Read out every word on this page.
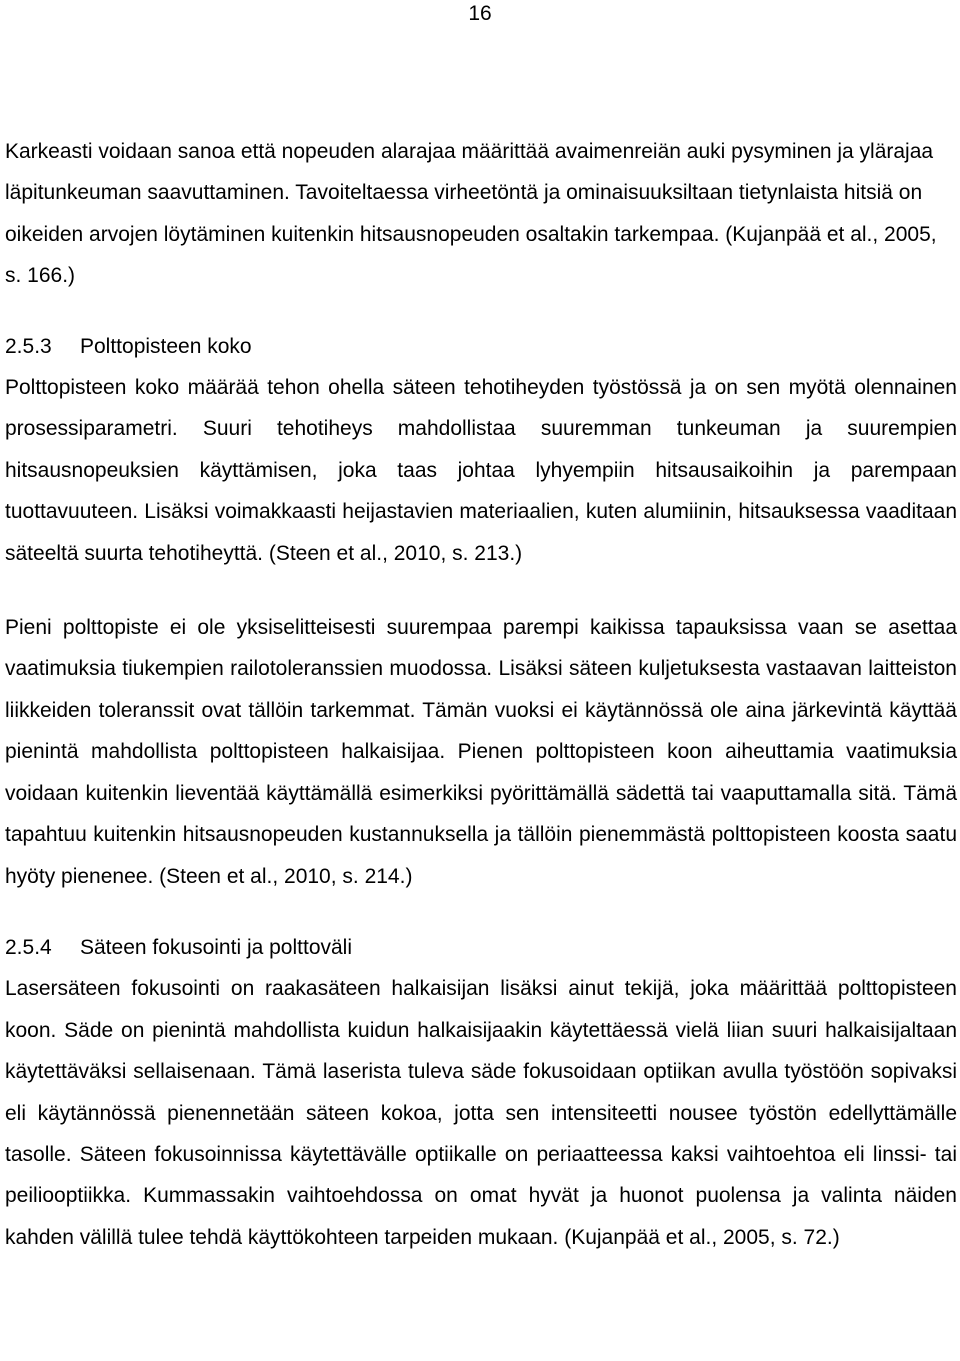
16

Karkeasti voidaan sanoa että nopeuden alarajaa määrittää avaimenreiän auki pysyminen ja ylärajaa läpitunkeuman saavuttaminen. Tavoiteltaessa virheetöntä ja ominaisuuksiltaan tietynlaista hitsiä on oikeiden arvojen löytäminen kuitenkin hitsausnopeuden osaltakin tarkempaa. (Kujanpää et al., 2005, s. 166.)

2.5.3 Polttopisteen koko

Polttopisteen koko määrää tehon ohella säteen tehotiheyden työstössä ja on sen myötä olennainen prosessiparametri. Suuri tehotiheys mahdollistaa suuremman tunkeuman ja suurempien hitsausnopeuksien käyttämisen, joka taas johtaa lyhyempiin hitsausaikoihin ja parempaan tuottavuuteen. Lisäksi voimakkaasti heijastavien materiaalien, kuten alumiinin, hitsauksessa vaaditaan säteeltä suurta tehotiheyttä. (Steen et al., 2010, s. 213.)

Pieni polttopiste ei ole yksiselitteisesti suurempaa parempi kaikissa tapauksissa vaan se asettaa vaatimuksia tiukempien railotoleranssien muodossa. Lisäksi säteen kuljetuksesta vastaavan laitteiston liikkeiden toleranssit ovat tällöin tarkemmat. Tämän vuoksi ei käytännössä ole aina järkevintä käyttää pienintä mahdollista polttopisteen halkaisijaa. Pienen polttopisteen koon aiheuttamia vaatimuksia voidaan kuitenkin lieventää käyttämällä esimerkiksi pyörittämällä sädettä tai vaaputtamalla sitä. Tämä tapahtuu kuitenkin hitsausnopeuden kustannuksella ja tällöin pienemmästä polttopisteen koosta saatu hyöty pienenee. (Steen et al., 2010, s. 214.)

2.5.4 Säteen fokusointi ja polttoväli

Lasersäteen fokusointi on raakasäteen halkaisijan lisäksi ainut tekijä, joka määrittää polttopisteen koon. Säde on pienintä mahdollista kuidun halkaisijaakin käytettäessä vielä liian suuri halkaisijaltaan käytettäväksi sellaisenaan. Tämä laserista tuleva säde fokusoidaan optiikan avulla työstöön sopivaksi eli käytännössä pienennetään säteen kokoa, jotta sen intensiteetti nousee työstön edellyttämälle tasolle. Säteen fokusoinnissa käytettävälle optiikalle on periaatteessa kaksi vaihtoehtoa eli linssi- tai peiliooptiikka. Kummassakin vaihtoehdossa on omat hyvät ja huonot puolensa ja valinta näiden kahden välillä tulee tehdä käyttökohteen tarpeiden mukaan. (Kujanpää et al., 2005, s. 72.)
